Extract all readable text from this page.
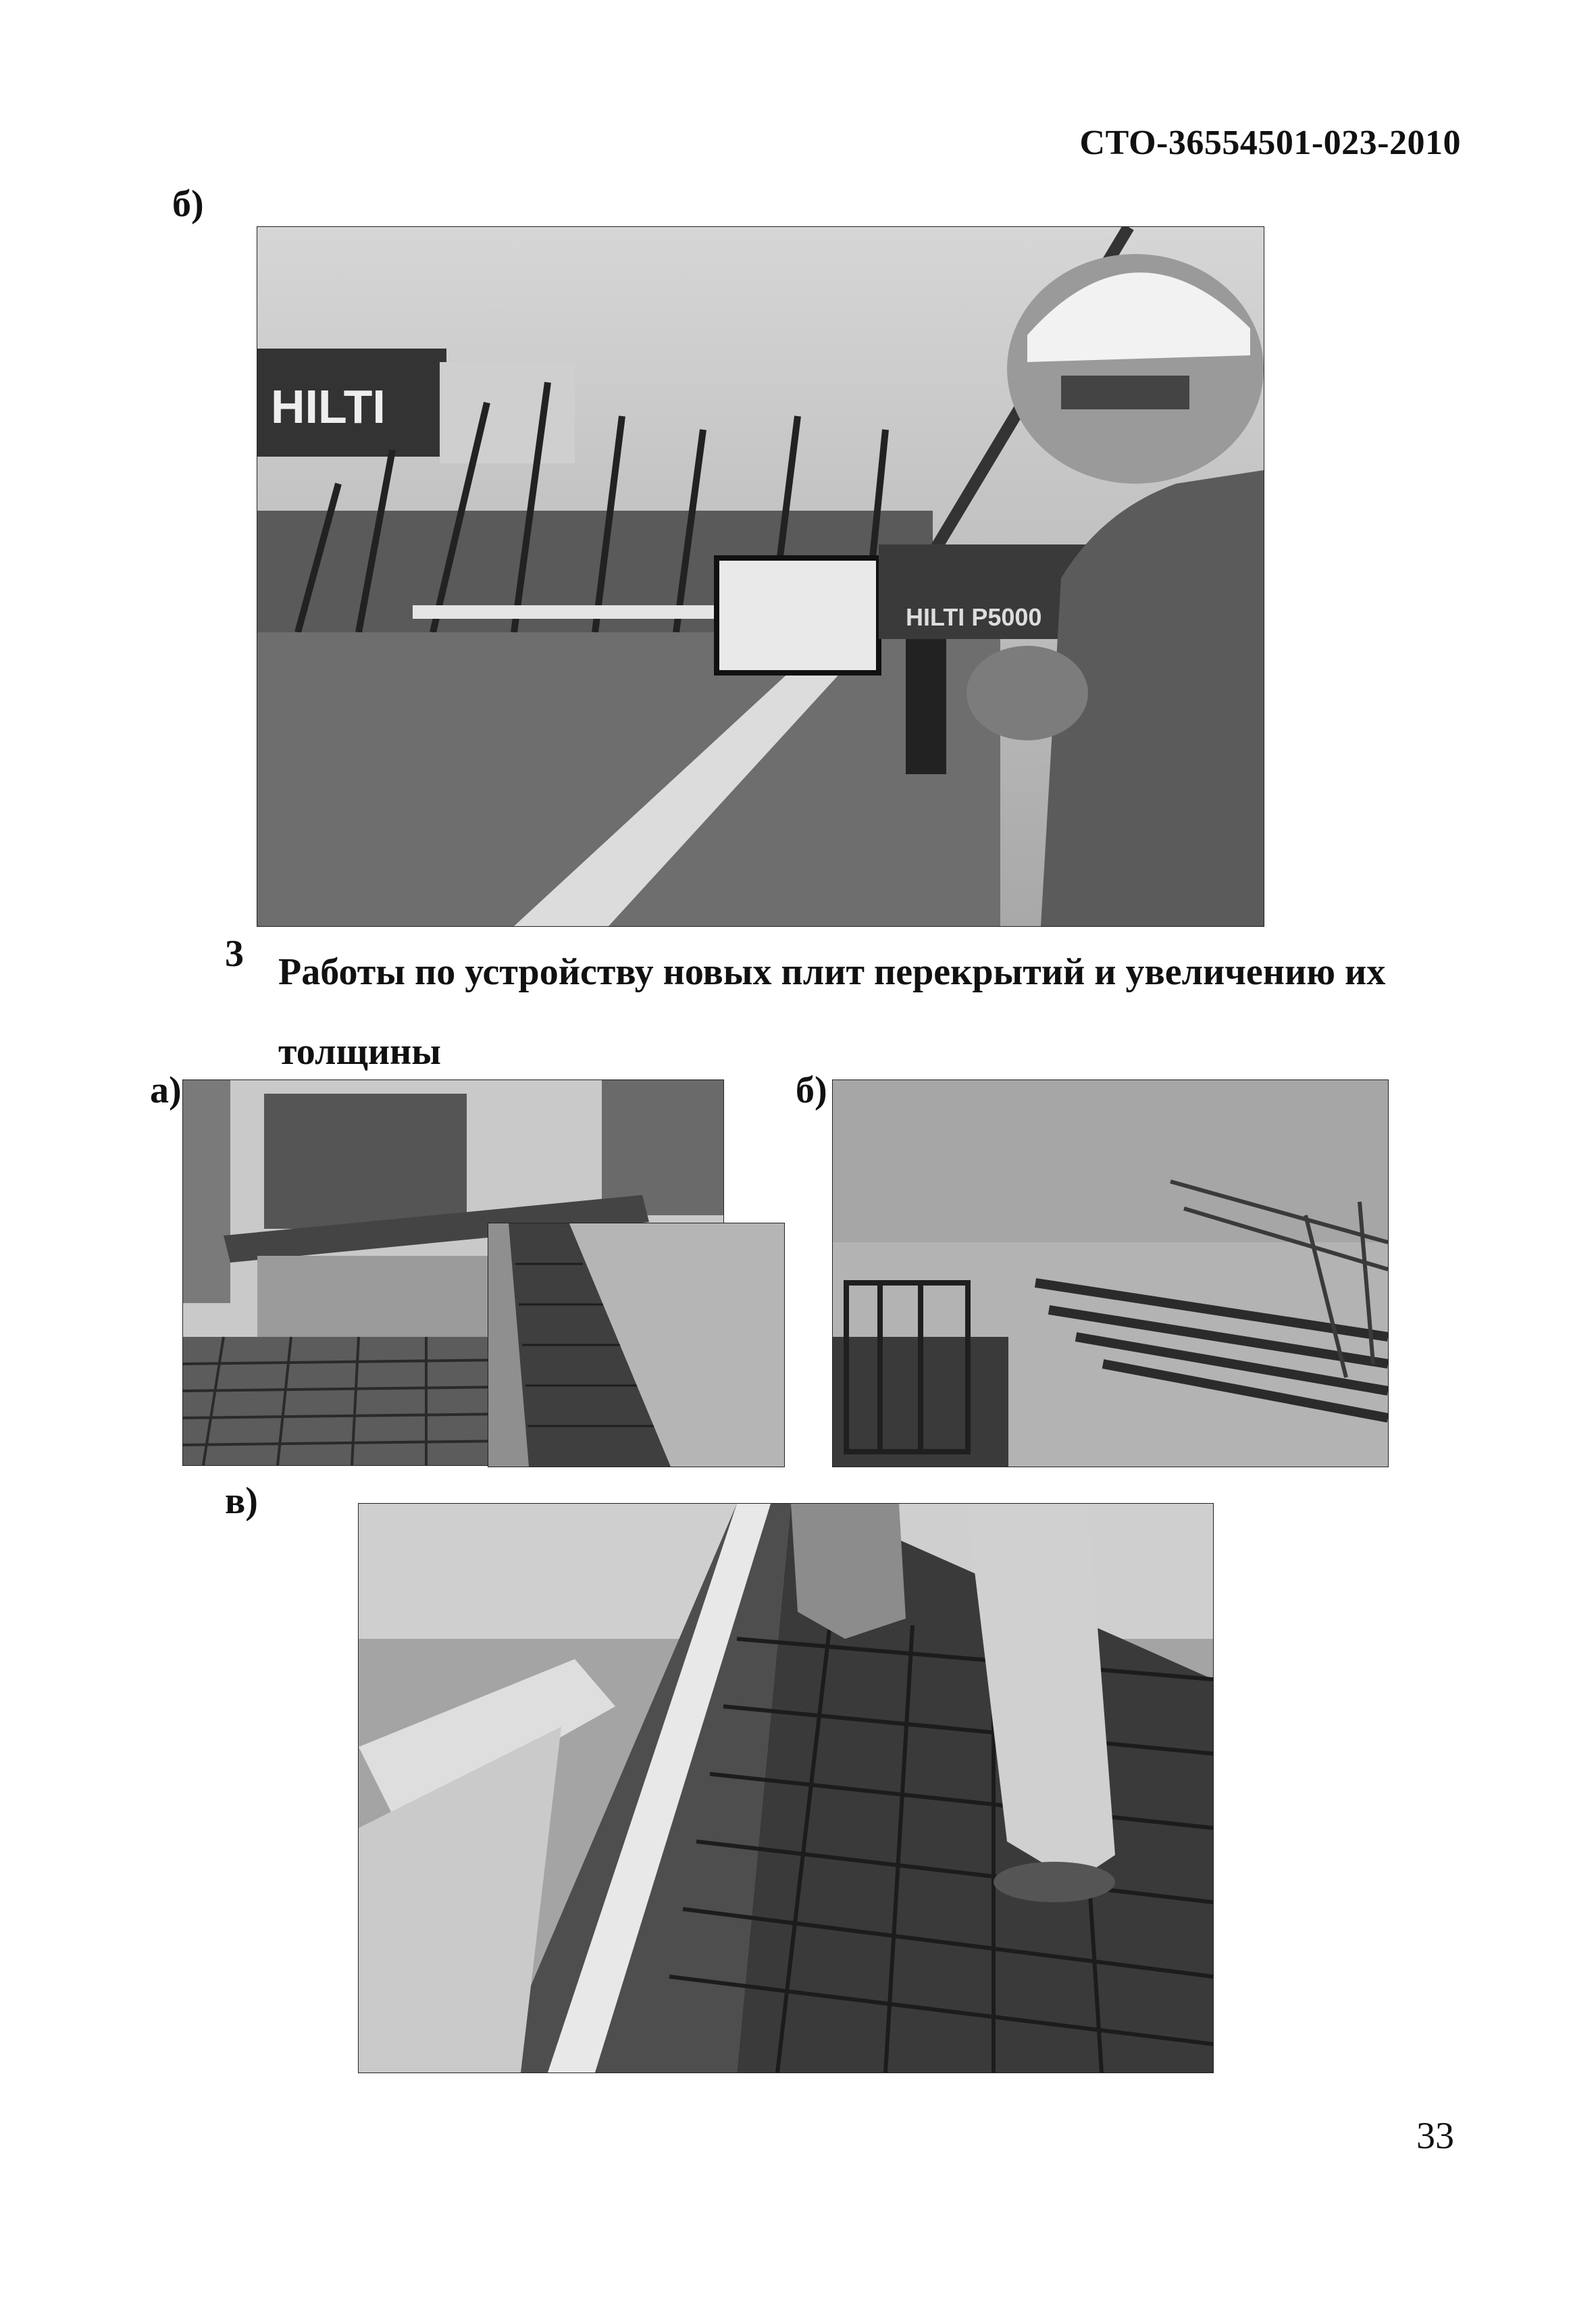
СТО-36554501-023-2010
б)
HILTI
HILTI P5000
3 Работы по устройству новых плит перекрытий и увеличению их толщины
а)	б)
в)
33
